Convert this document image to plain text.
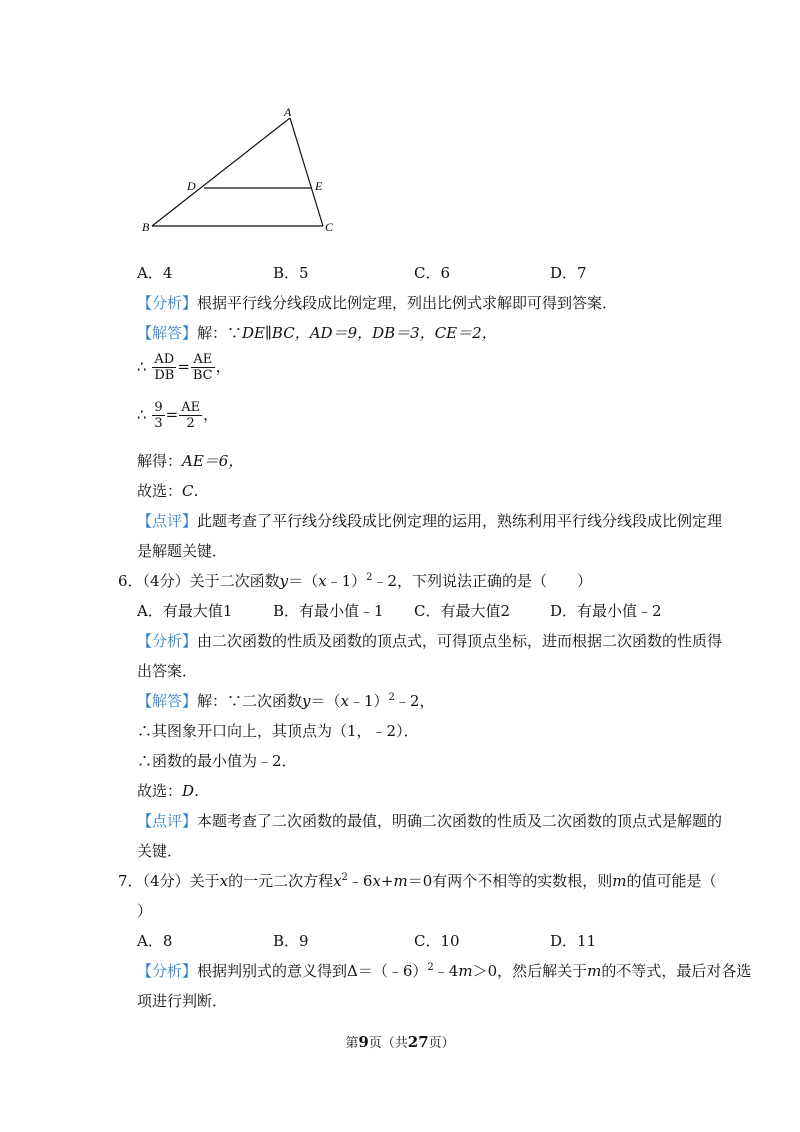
A
D	E
B	C
A．4	B．5	C．6	D．7
【分析】根据平行线分线段成比例定理，列出比例式求解即可得到答案．
【解答】解：∵DE∥BC，AD＝9，DB＝3，CE＝2，
∴ $\frac{AD}{DB} = \frac{AE}{BC}$ ，
∴ $\frac{9}{3} = \frac{AE}{2}$ ，
解得：AE＝6，
故选：C．
【点评】此题考查了平行线分线段成比例定理的运用，熟练利用平行线分线段成比例定理
是解题关键．
6．（4分）关于二次函数y＝（x﹣1）$^2$﹣2，下列说法正确的是（　　）
A．有最大值1	B．有最小值﹣1 C．有最大值2	D．有最小值﹣2
【分析】由二次函数的性质及函数的顶点式，可得顶点坐标，进而根据二次函数的性质得
出答案．
【解答】解：∵二次函数y＝（x﹣1）$^2$﹣2，
∴其图象开口向上，其顶点为（1，﹣2）．
∴函数的最小值为﹣2．
故选：D．
【点评】本题考查了二次函数的最值，明确二次函数的性质及二次函数的顶点式是解题的
关键．
7．（4分）关于x的一元二次方程$x^2﹣6x+m=0$有两个不相等的实数根，则m的值可能是（
）
A．8	B．9	C．10	D．11
【分析】根据判别式的意义得到Δ＝（﹣6）$^2$﹣4m＞0，然后解关于m的不等式，最后对各选
项进行判断．
第9页（共27页）
